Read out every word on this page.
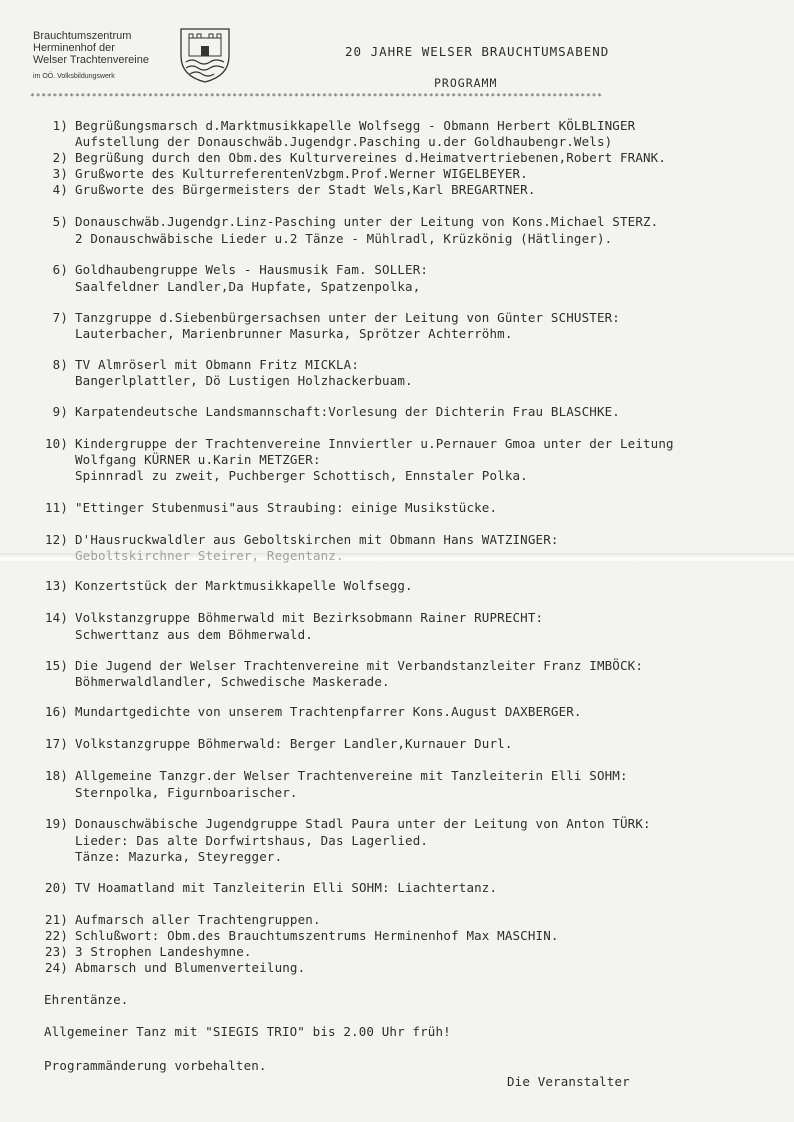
Brauchtumszentrum
Herminenhof der
Welser Trachtenvereine
im OÖ. Volksbildungswerk
20 JAHRE WELSER BRAUCHTUMSABEND
PROGRAMM
******************************************************************************************************
1) Begrüßungsmarsch d.Marktmusikkapelle Wolfsegg - Obmann Herbert KÖLBLINGER
Aufstellung der Donauschwäb.Jugendgr.Pasching u.der Goldhaubengr.Wels)
2) Begrüßung durch den Obm.des Kulturvereines d.Heimatvertriebenen,Robert FRANK.
3) Grußworte des KulturreferentenVzbgm.Prof.Werner WIGELBEYER.
4) Grußworte des Bürgermeisters der Stadt Wels,Karl BREGARTNER.
5) Donauschwäb.Jugendgr.Linz-Pasching unter der Leitung von Kons.Michael STERZ.
2 Donauschwäbische Lieder u.2 Tänze - Mühlradl, Krüzkönig (Hätlinger).
6) Goldhaubengruppe Wels - Hausmusik Fam. SOLLER:
Saalfeldner Landler,Da Hupfate, Spatzenpolka,
7) Tanzgruppe d.Siebenbürgersachsen unter der Leitung von Günter SCHUSTER:
Lauterbacher, Marienbrunner Masurka, Sprötzer Achterröhm.
8) TV Almröserl mit Obmann Fritz MICKLA:
Bangerlplattler, Dö Lustigen Holzhackerbuam.
9) Karpatendeutsche Landsmannschaft:Vorlesung der Dichterin Frau BLASCHKE.
10) Kindergruppe der Trachtenvereine Innviertler u.Pernauer Gmoa unter der Leitung
Wolfgang KÜRNER u.Karin METZGER:
Spinnradl zu zweit, Puchberger Schottisch, Ennstaler Polka.
11) "Ettinger Stubenmusi"aus Straubing: einige Musikstücke.
12) D'Hausruckwaldler aus Geboltskirchen mit Obmann Hans WATZINGER:
Geboltskirchner Steirer, Regentanz.
13) Konzertstück der Marktmusikkapelle Wolfsegg.
14) Volkstanzgruppe Böhmerwald mit Bezirksobmann Rainer RUPRECHT:
Schwerttanz aus dem Böhmerwald.
15) Die Jugend der Welser Trachtenvereine mit Verbandstanzleiter Franz IMBÖCK:
Böhmerwaldlandler, Schwedische Maskerade.
16) Mundartgedichte von unserem Trachtenpfarrer Kons.August DAXBERGER.
17) Volkstanzgruppe Böhmerwald: Berger Landler,Kurnauer Durl.
18) Allgemeine Tanzgr.der Welser Trachtenvereine mit Tanzleiterin Elli SOHM:
Sternpolka, Figurnboarischer.
19) Donauschwäbische Jugendgruppe Stadl Paura unter der Leitung von Anton TÜRK:
Lieder: Das alte Dorfwirtshaus, Das Lagerlied.
Tänze: Mazurka, Steyregger.
20) TV Hoamatland mit Tanzleiterin Elli SOHM: Liachtertanz.
21) Aufmarsch aller Trachtengruppen.
22) Schlußwort: Obm.des Brauchtumszentrums Herminenhof Max MASCHIN.
23) 3 Strophen Landeshymne.
24) Abmarsch und Blumenverteilung.
Ehrentänze.
Allgemeiner Tanz mit "SIEGIS TRIO" bis 2.00 Uhr früh!
Programmänderung vorbehalten.
Die Veranstalter
